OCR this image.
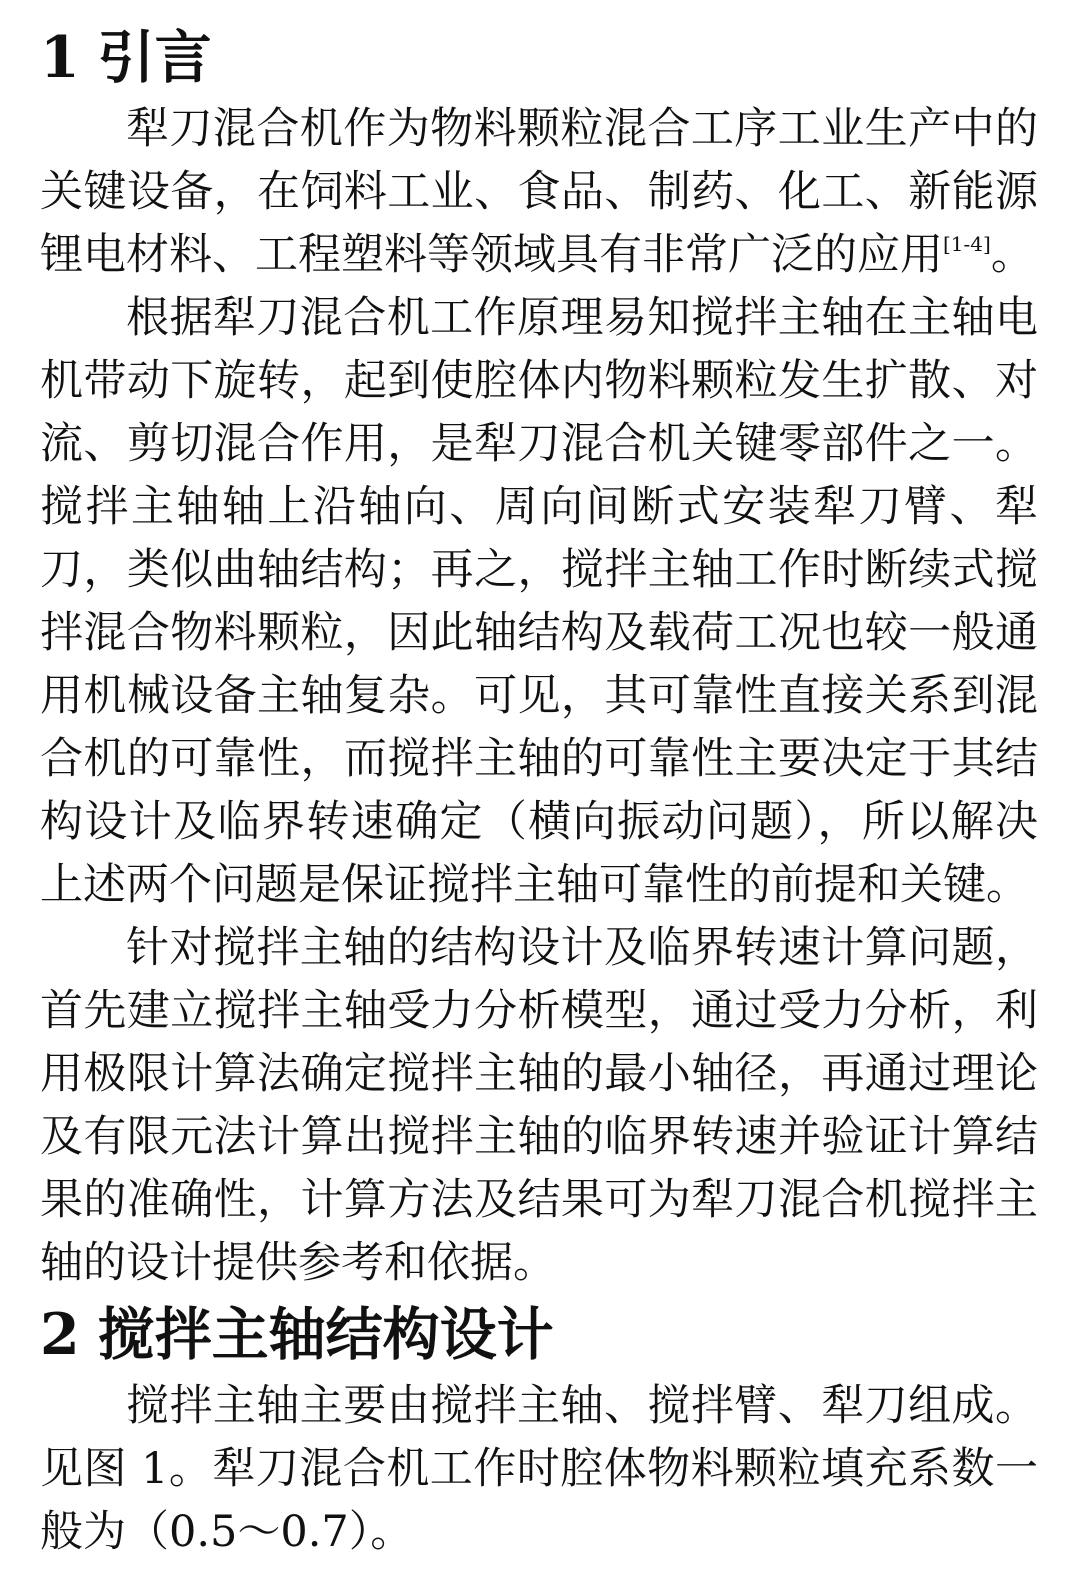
1 引言

犁刀混合机作为物料颗粒混合工序工业生产中的关键设备，在饲料工业、食品、制药、化工、新能源锂电材料、工程塑料等领域具有非常广泛的应用[1-4]。

根据犁刀混合机工作原理易知搅拌主轴在主轴电机带动下旋转，起到使腔体内物料颗粒发生扩散、对流、剪切混合作用，是犁刀混合机关键零部件之一。搅拌主轴轴上沿轴向、周向间断式安装犁刀臂、犁刀，类似曲轴结构；再之，搅拌主轴工作时断续式搅拌混合物料颗粒，因此轴结构及载荷工况也较一般通用机械设备主轴复杂。可见，其可靠性直接关系到混合机的可靠性，而搅拌主轴的可靠性主要决定于其结构设计及临界转速确定（横向振动问题），所以解决上述两个问题是保证搅拌主轴可靠性的前提和关键。

针对搅拌主轴的结构设计及临界转速计算问题，首先建立搅拌主轴受力分析模型，通过受力分析，利用极限计算法确定搅拌主轴的最小轴径，再通过理论及有限元法计算出搅拌主轴的临界转速并验证计算结果的准确性，计算方法及结果可为犁刀混合机搅拌主轴的设计提供参考和依据。

2 搅拌主轴结构设计

搅拌主轴主要由搅拌主轴、搅拌臂、犁刀组成。见图 1。犁刀混合机工作时腔体物料颗粒填充系数一般为（0.5～0.7）。
